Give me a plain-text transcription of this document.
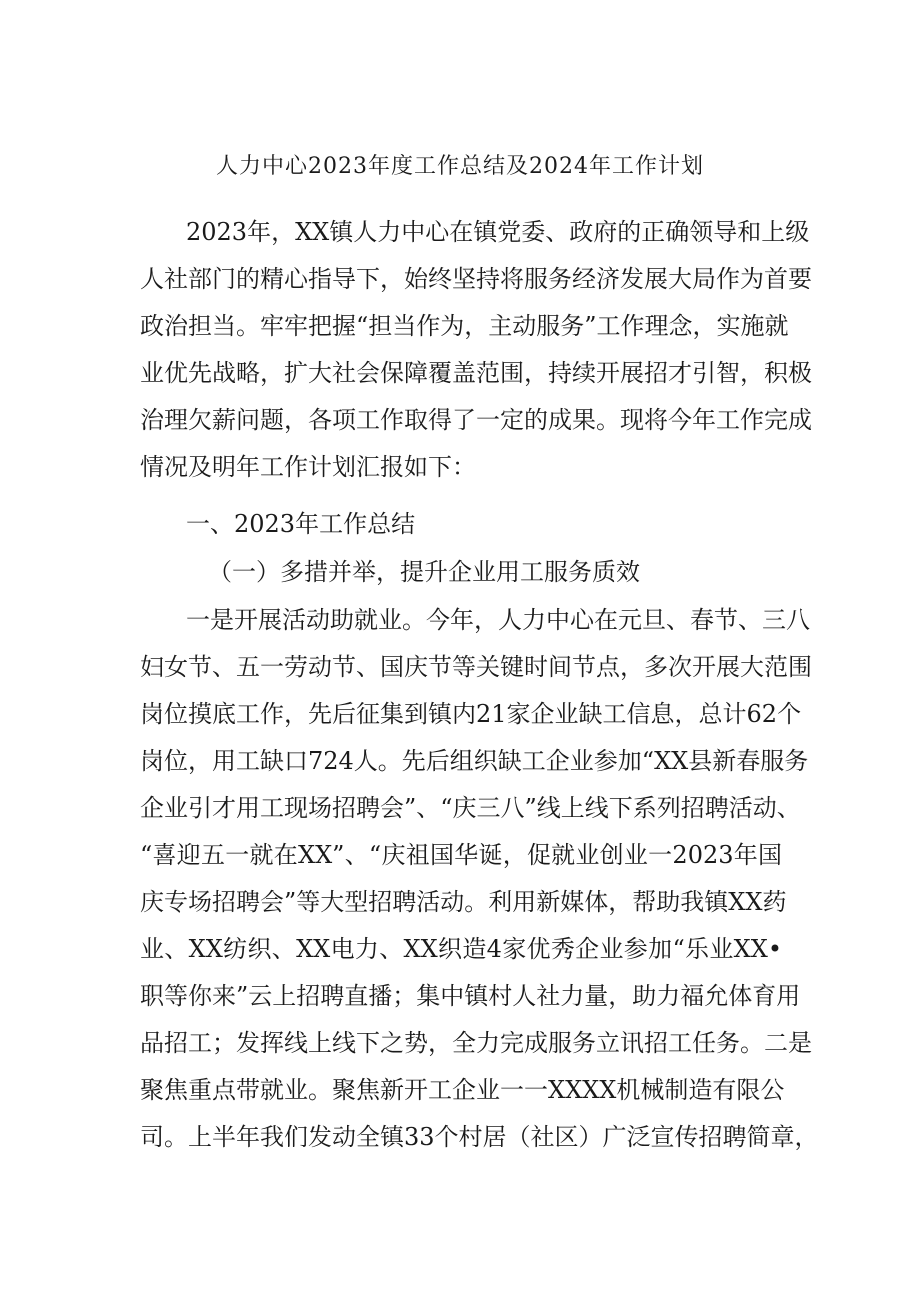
人力中心2023年度工作总结及2024年工作计划
2023年，XX镇人力中心在镇党委、政府的正确领导和上级
人社部门的精心指导下，始终坚持将服务经济发展大局作为首要
政治担当。牢牢把握“担当作为，主动服务”工作理念，实施就
业优先战略，扩大社会保障覆盖范围，持续开展招才引智，积极
治理欠薪问题，各项工作取得了一定的成果。现将今年工作完成
情况及明年工作计划汇报如下：
一、2023年工作总结
（一）多措并举，提升企业用工服务质效
一是开展活动助就业。今年，人力中心在元旦、春节、三八
妇女节、五一劳动节、国庆节等关键时间节点，多次开展大范围
岗位摸底工作，先后征集到镇内21家企业缺工信息，总计62个
岗位，用工缺口724人。先后组织缺工企业参加“XX县新春服务
企业引才用工现场招聘会”、“庆三八”线上线下系列招聘活动、
“喜迎五一就在XX”、“庆祖国华诞，促就业创业一2023年国
庆专场招聘会”等大型招聘活动。利用新媒体，帮助我镇XX药
业、XX纺织、XX电力、XX织造4家优秀企业参加“乐业XX•
职等你来”云上招聘直播；集中镇村人社力量，助力福允体育用
品招工；发挥线上线下之势，全力完成服务立讯招工任务。二是
聚焦重点带就业。聚焦新开工企业一一XXXX机械制造有限公
司。上半年我们发动全镇33个村居（社区）广泛宣传招聘简章，
